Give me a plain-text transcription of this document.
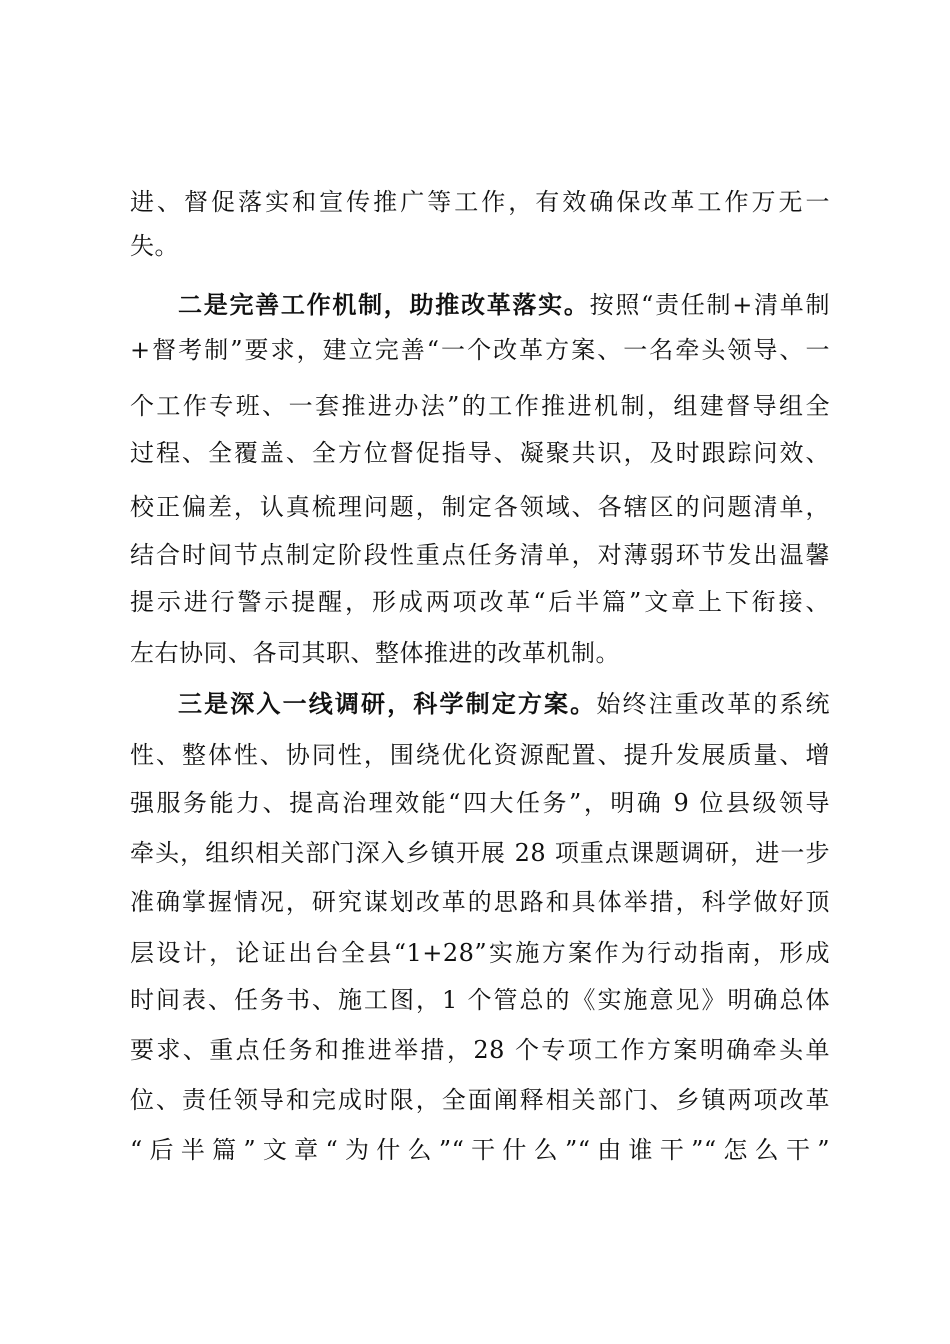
进、督促落实和宣传推广等工作，有效确保改革工作万无一
失。
二是完善工作机制，助推改革落实。按照“责任制+清单制
+督考制”要求，建立完善“一个改革方案、一名牵头领导、一
个工作专班、一套推进办法”的工作推进机制，组建督导组全
过程、全覆盖、全方位督促指导、凝聚共识，及时跟踪问效、
校正偏差，认真梳理问题，制定各领域、各辖区的问题清单，
结合时间节点制定阶段性重点任务清单，对薄弱环节发出温馨
提示进行警示提醒，形成两项改革“后半篇”文章上下衔接、
左右协同、各司其职、整体推进的改革机制。
三是深入一线调研，科学制定方案。始终注重改革的系统
性、整体性、协同性，围绕优化资源配置、提升发展质量、增
强服务能力、提高治理效能“四大任务”，明确 9 位县级领导
牵头，组织相关部门深入乡镇开展 28 项重点课题调研，进一步
准确掌握情况，研究谋划改革的思路和具体举措，科学做好顶
层设计，论证出台全县“1+28”实施方案作为行动指南，形成
时间表、任务书、施工图，1 个管总的《实施意见》明确总体
要求、重点任务和推进举措，28 个专项工作方案明确牵头单
位、责任领导和完成时限，全面阐释相关部门、乡镇两项改革
“后半篇”文章“为什么”“干什么”“由谁干”“怎么干”
